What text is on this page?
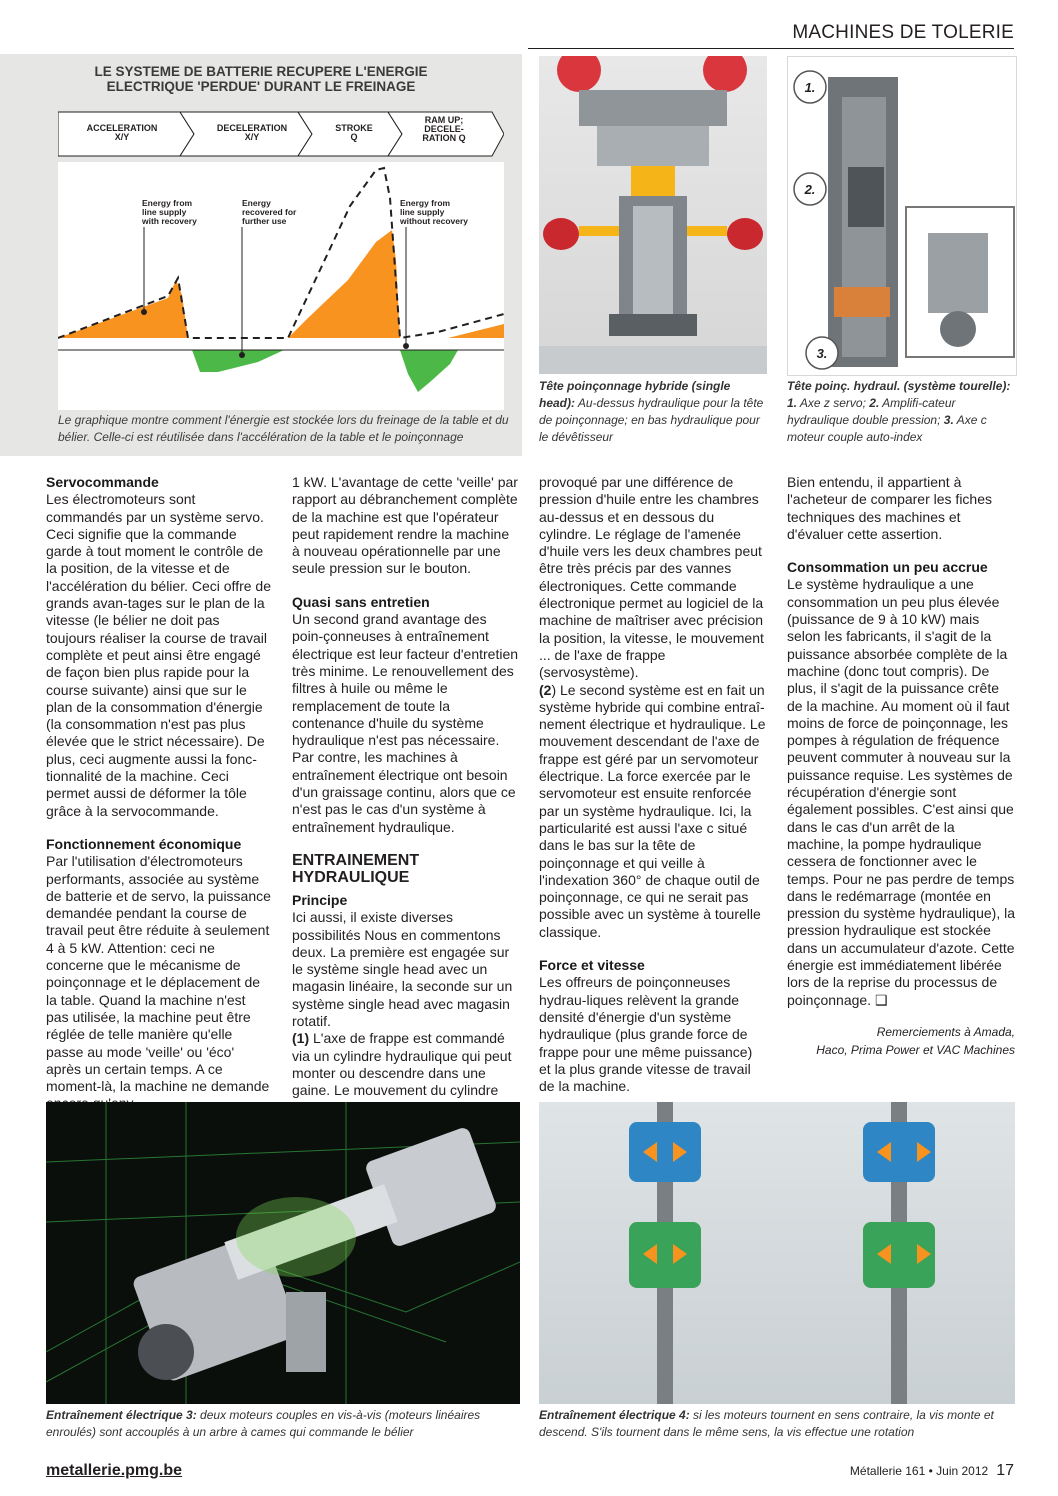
MACHINES DE TOLERIE
LE SYSTEME DE BATTERIE RECUPERE L'ENERGIE ELECTRIQUE 'PERDUE' DURANT LE FREINAGE
ACCELERATION
X/Y
DECELERATION
X/Y
STROKE
Q
RAM UP;
DECELE-
RATION Q
Energy from
line supply
with recovery
Energy
recovered for
further use
Energy from
line supply
without recovery
Le graphique montre comment l'énergie est stockée lors du freinage de la table et du bélier. Celle-ci est réutilisée dans l'accélération de la table et le poinçonnage
Tête poinçonnage hybride (single head): Au-dessus hydraulique pour la tête de poinçonnage; en bas hydraulique pour le dévêtisseur
1.
2.
3.
Tête poinç. hydraul. (système tourelle): 1. Axe z servo; 2. Amplifi-cateur hydraulique double pression; 3. Axe c moteur couple auto-index
Servocommande

Les électromoteurs sont commandés par un système servo. Ceci signifie que la commande garde à tout moment le contrôle de la position, de la vitesse et de l'accélération du bélier. Ceci offre de grands avan-tages sur le plan de la vitesse (le bélier ne doit pas toujours réaliser la course de travail complète et peut ainsi être engagé de façon bien plus rapide pour la course suivante) ainsi que sur le plan de la consommation d'énergie (la consommation n'est pas plus élevée que le strict nécessaire). De plus, ceci augmente aussi la fonc-tionnalité de la machine. Ceci permet aussi de déformer la tôle grâce à la servocommande.

Fonctionnement économique

Par l'utilisation d'électromoteurs performants, associée au système de batterie et de servo, la puissance demandée pendant la course de travail peut être réduite à seulement 4 à 5 kW. Attention: ceci ne concerne que le mécanisme de poinçonnage et le déplacement de la table. Quand la machine n'est pas utilisée, la machine peut être réglée de telle manière qu'elle passe au mode 'veille' ou 'éco' après un certain temps. A ce moment-là, la machine ne demande

1 kW. L'avantage de cette 'veille' par rapport au débranchement complète de la machine est que l'opérateur peut rapidement rendre la machine à nouveau opérationnelle par une seule pression sur le bouton.

Quasi sans entretien

Un second grand avantage des poin-çonneuses à entraînement électrique est leur facteur d'entretien très minime. Le renouvellement des filtres à huile ou même le remplacement de toute la contenance d'huile du système hydraulique n'est pas nécessaire. Par contre, les machines à entraînement électrique ont besoin d'un graissage continu, alors que ce n'est pas le cas d'un système à entraînement hydraulique.

ENTRAINEMENT HYDRAULIQUE
Principe

Ici aussi, il existe diverses possibilités Nous en commentons deux. La première est engagée sur le système single head avec un magasin linéaire, la seconde sur un système single head avec magasin rotatif.

(1) L'axe de frappe est commandé via un cylindre hydraulique qui peut monter ou descendre dans une gaine. Le mouvement du cylindre

provoqué par une différence de pression d'huile entre les chambres au-dessus et en dessous du cylindre. Le réglage de l'amenée d'huile vers les deux chambres peut être très précis par des vannes électroniques. Cette commande électronique permet au logiciel de la machine de maîtriser avec précision la position, la vitesse, le mouvement ... de l'axe de frappe (servosystème).

(2) Le second système est en fait un système hybride qui combine entraî-nement électrique et hydraulique. Le mouvement descendant de l'axe de frappe est géré par un servomoteur électrique. La force exercée par le servomoteur est ensuite renforcée par un système hydraulique. Ici, la particularité est aussi l'axe c situé dans le bas sur la tête de poinçonnage et qui veille à l'indexation 360° de chaque outil de poinçonnage, ce qui ne serait pas possible avec un système à tourelle classique.

Force et vitesse

Les offreurs de poinçonneuses hydrau-liques relèvent la grande densité d'énergie d'un système hydraulique (plus grande force de frappe pour une même puissance) et la plus grande vitesse de travail de la machine.

Bien entendu, il appartient à l'acheteur de comparer les fiches techniques des machines et d'évaluer cette assertion.

Consommation un peu accrue

Le système hydraulique a une consommation un peu plus élevée (puissance de 9 à 10 kW) mais selon les fabricants, il s'agit de la puissance absorbée complète de la machine (donc tout compris). De plus, il s'agit de la puissance crête de la machine. Au moment où il faut moins de force de poinçonnage, les pompes à régulation de fréquence peuvent commuter à nouveau sur la puissance requise. Les systèmes de récupération d'énergie sont également possibles. C'est ainsi que dans le cas d'un arrêt de la machine, la pompe hydraulique cessera de fonctionner avec le temps. Pour ne pas perdre de temps dans le redémarrage (montée en pression du système hydraulique), la pression hydraulique est stockée dans un accumulateur d'azote. Cette énergie est immédiatement libérée lors de la reprise du processus de poinçonnage. ❑

Remerciements à Amada,
Haco, Prima Power et VAC Machines
Entraînement électrique 3: deux moteurs couples en vis-à-vis (moteurs linéaires enroulés) sont accouplés à un arbre à cames qui commande le bélier
Entraînement électrique 4: si les moteurs tournent en sens contraire, la vis monte et descend. S'ils tournent dans le même sens, la vis effectue une rotation
metallerie.pmg.be	Métallerie 161 • Juin 2012 17
